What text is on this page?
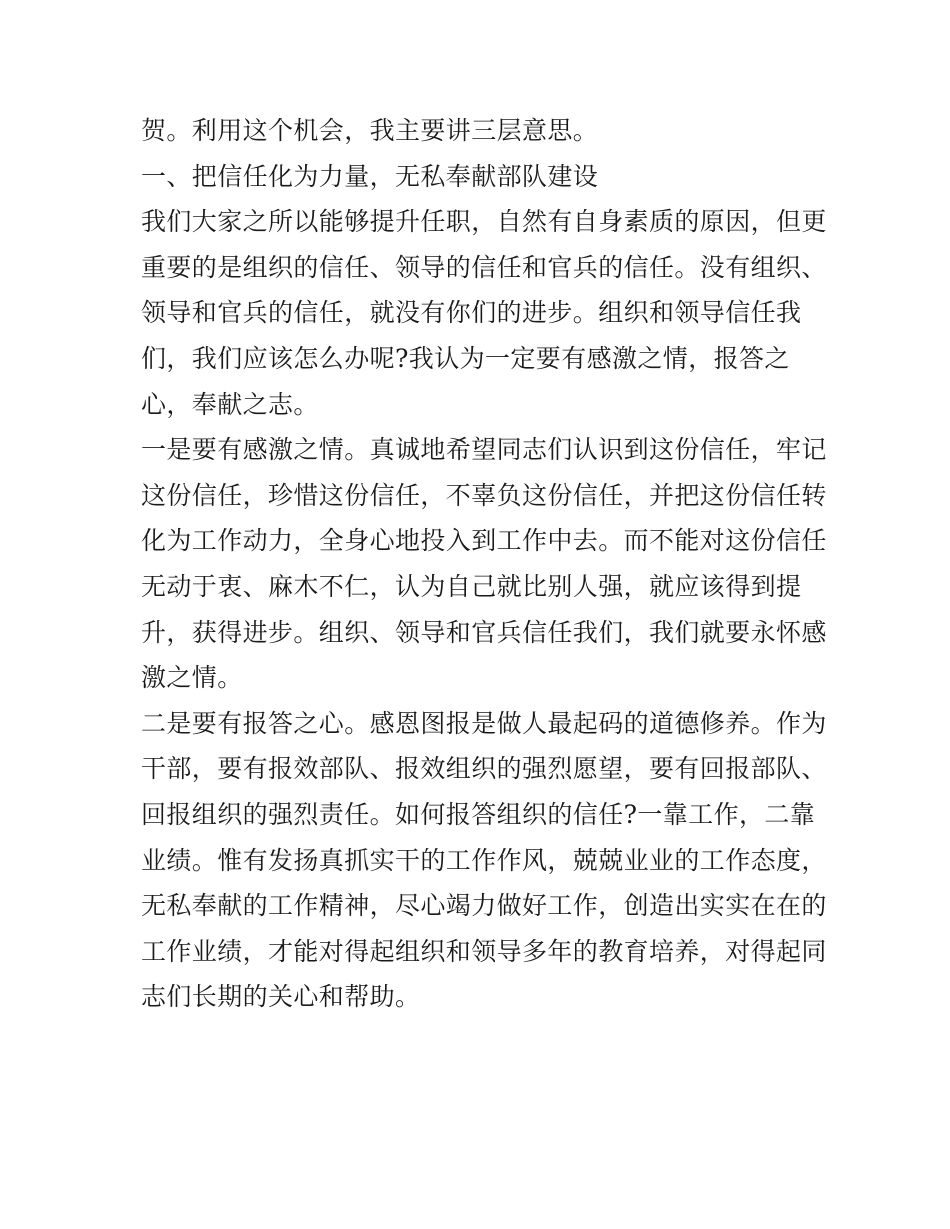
贺。利用这个机会，我主要讲三层意思。
一、把信任化为力量，无私奉献部队建设
我们大家之所以能够提升任职，自然有自身素质的原因，但更
重要的是组织的信任、领导的信任和官兵的信任。没有组织、
领导和官兵的信任，就没有你们的进步。组织和领导信任我
们，我们应该怎么办呢?我认为一定要有感激之情，报答之
心，奉献之志。
一是要有感激之情。真诚地希望同志们认识到这份信任，牢记
这份信任，珍惜这份信任，不辜负这份信任，并把这份信任转
化为工作动力，全身心地投入到工作中去。而不能对这份信任
无动于衷、麻木不仁，认为自己就比别人强，就应该得到提
升，获得进步。组织、领导和官兵信任我们，我们就要永怀感
激之情。
二是要有报答之心。感恩图报是做人最起码的道德修养。作为
干部，要有报效部队、报效组织的强烈愿望，要有回报部队、
回报组织的强烈责任。如何报答组织的信任?一靠工作，二靠
业绩。惟有发扬真抓实干的工作作风，兢兢业业的工作态度，
无私奉献的工作精神，尽心竭力做好工作，创造出实实在在的
工作业绩，才能对得起组织和领导多年的教育培养，对得起同
志们长期的关心和帮助。
